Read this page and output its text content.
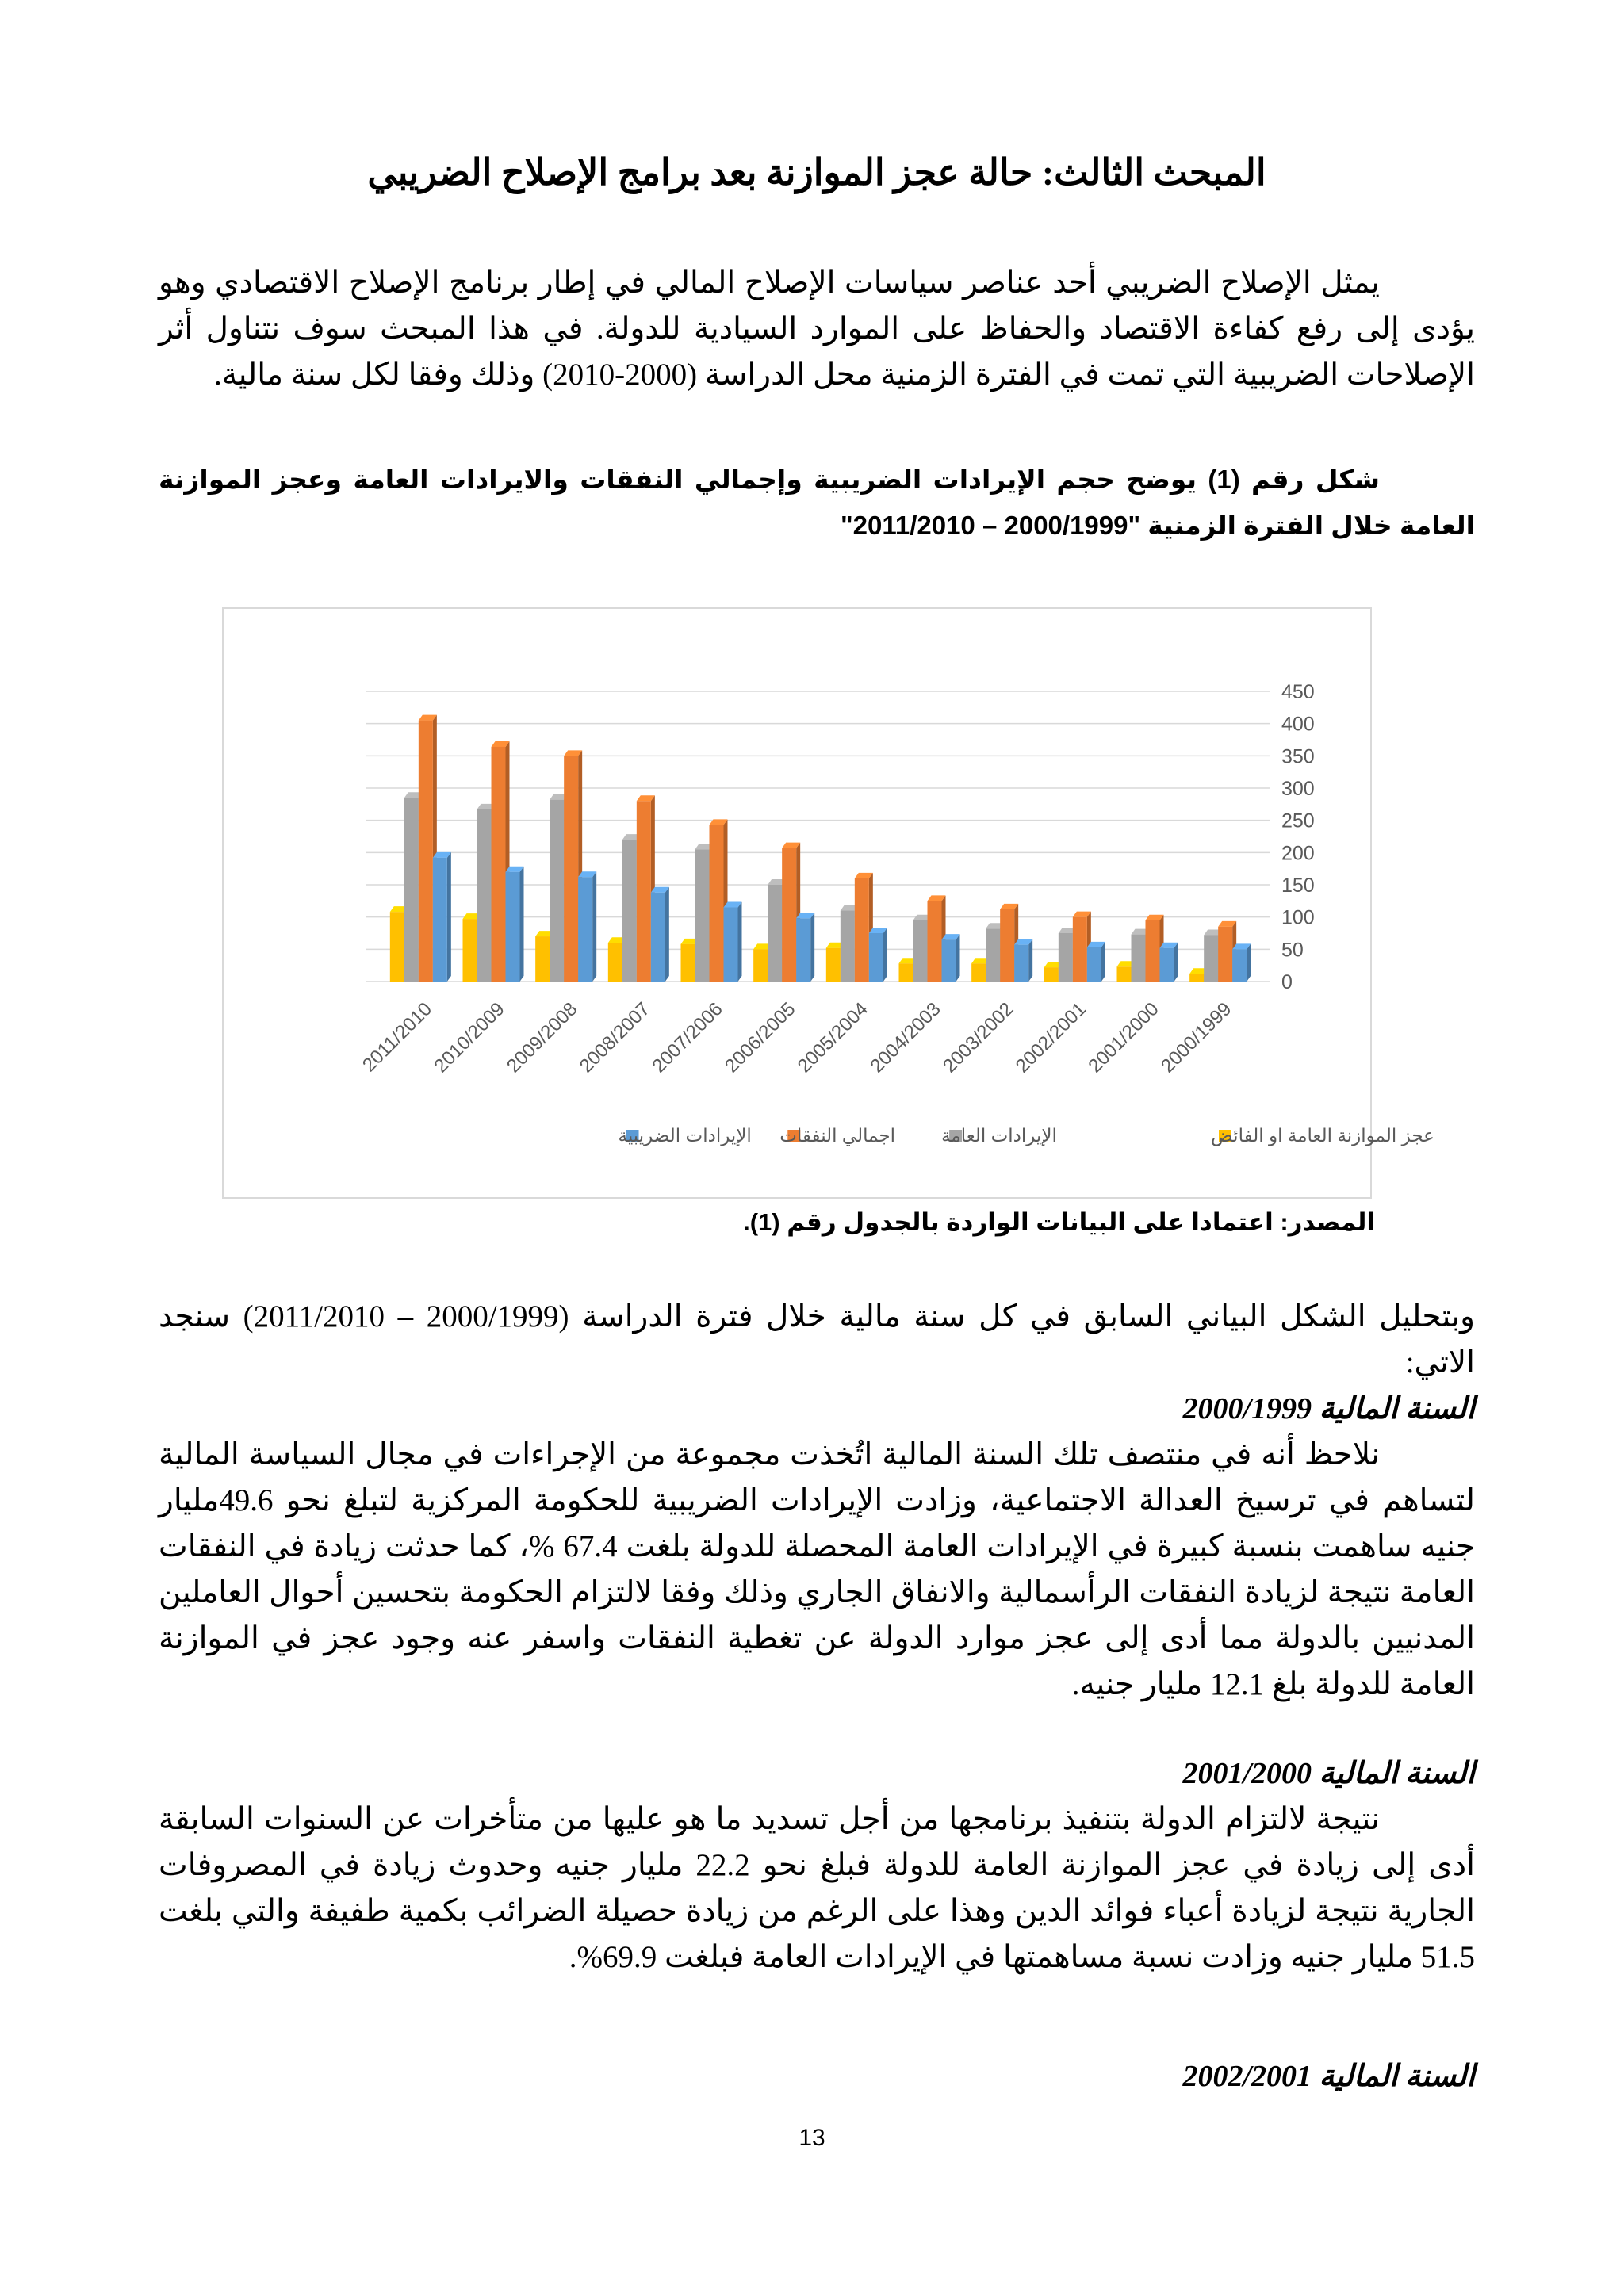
المبحث الثالث: حالة عجز الموازنة بعد برامج الإصلاح الضريبي

يمثل الإصلاح الضريبي أحد عناصر سياسات الإصلاح المالي في إطار برنامج الإصلاح الاقتصادي وهو يؤدى إلى رفع كفاءة الاقتصاد والحفاظ على الموارد السيادية للدولة. في هذا المبحث سوف نتناول أثر الإصلاحات الضريبية التي تمت في الفترة الزمنية محل الدراسة (2000-2010) وذلك وفقا لكل سنة مالية.

شكل رقم (1) يوضح حجم الإيرادات الضريبية وإجمالي النفقات والايرادات العامة وعجز الموازنة العامة خلال الفترة الزمنية "2000/1999 – 2011/2010"

0
50
100
150
200
250
300
350
400
450
2011/2010
2010/2009
2009/2008
2008/2007
2007/2006
2006/2005
2005/2004
2004/2003
2003/2002
2002/2001
2001/2000
2000/1999
عجز الموازنة العامة او الفائض
الإيرادات العامة
اجمالي النفقات
الإيرادات الضريبية

المصدر: اعتمادا على البيانات الواردة بالجدول رقم (1).

وبتحليل الشكل البياني السابق في كل سنة مالية خلال فترة الدراسة (2000/1999 – 2011/2010) سنجد الاتي:

السنة المالية 2000/1999

نلاحظ أنه في منتصف تلك السنة المالية اتُخذت مجموعة من الإجراءات في مجال السياسة المالية لتساهم في ترسيخ العدالة الاجتماعية، وزادت الإيرادات الضريبية للحكومة المركزية لتبلغ نحو 49.6مليار جنيه ساهمت بنسبة كبيرة في الإيرادات العامة المحصلة للدولة بلغت 67.4 %، كما حدثت زيادة في النفقات العامة نتيجة لزيادة النفقات الرأسمالية والانفاق الجاري وذلك وفقا لالتزام الحكومة بتحسين أحوال العاملين المدنيين بالدولة مما أدى إلى عجز موارد الدولة عن تغطية النفقات واسفر عنه وجود عجز في الموازنة العامة للدولة بلغ 12.1 مليار جنيه.

السنة المالية 2001/2000

نتيجة لالتزام الدولة بتنفيذ برنامجها من أجل تسديد ما هو عليها من متأخرات عن السنوات السابقة أدى إلى زيادة في عجز الموازنة العامة للدولة فبلغ نحو 22.2 مليار جنيه وحدوث زيادة في المصروفات الجارية نتيجة لزيادة أعباء فوائد الدين وهذا على الرغم من زيادة حصيلة الضرائب بكمية طفيفة والتي بلغت 51.5 مليار جنيه وزادت نسبة مساهمتها في الإيرادات العامة فبلغت 69.9%.

السنة المالية 2002/2001

13
